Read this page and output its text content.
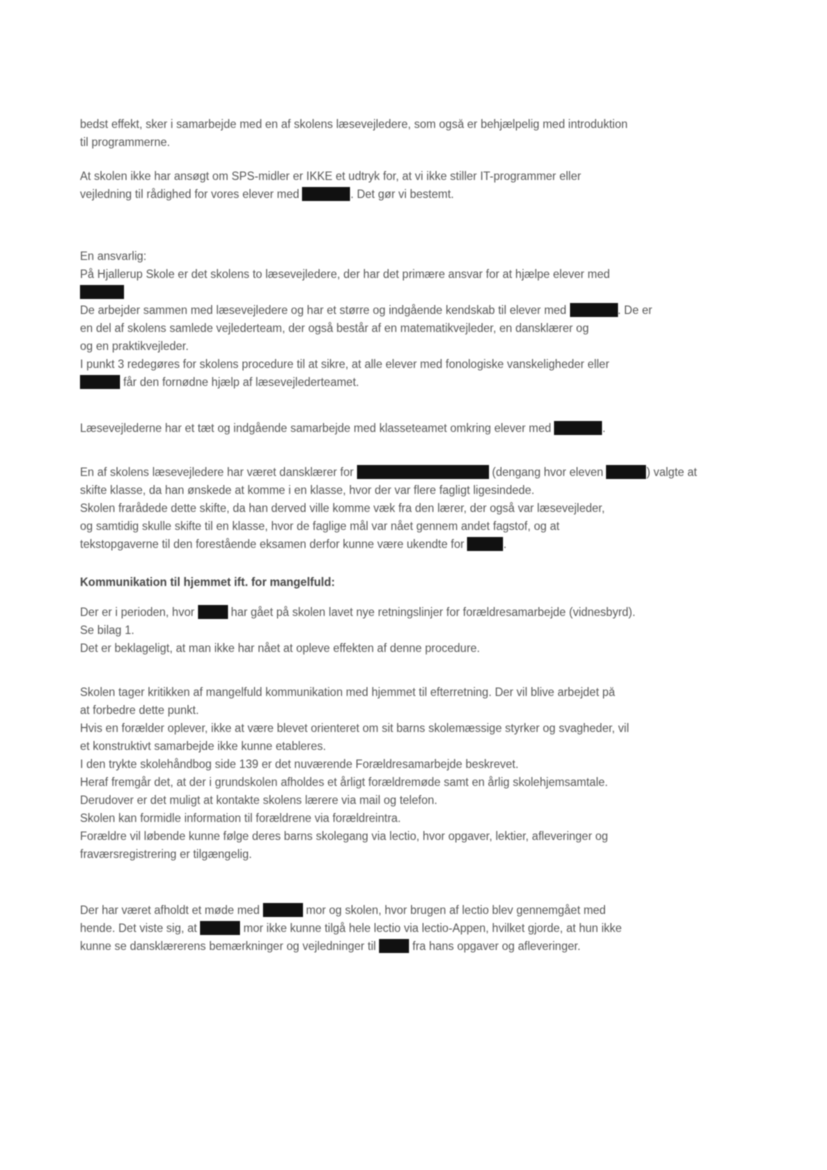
bedst effekt, sker i samarbejde med en af skolens læsevejledere, som også er behjælpelig med introduktion
til programmerne.

At skolen ikke har ansøgt om SPS-midler er IKKE et udtryk for, at vi ikke stiller IT-programmer eller
vejledning til rådighed for vores elever med	. Det gør vi bestemt.

En ansvarlig:
På Hjallerup Skole er det skolens to læsevejledere, der har det primære ansvar for at hjælpe elever med
De arbejder sammen med læsevejledere og har et større og indgående kendskab til elever med	. De er
en del af skolens samlede vejlederteam, der også består af en matematikvejleder, en dansklærer og
og en praktikvejleder.
I punkt 3 redegøres for skolens procedure til at sikre, at alle elever med fonologiske vanskeligheder eller
får den fornødne hjælp af læsevejlederteamet.

Læsevejlederne har et tæt og indgående samarbejde med klasseteamet omkring elever med	.

En af skolens læsevejledere har været dansklærer for	(dengang hvor eleven	) valgte at
skifte klasse, da han ønskede at komme i en klasse, hvor der var flere fagligt ligesindede.
Skolen frarådede dette skifte, da han derved ville komme væk fra den lærer, der også var læsevejleder,
og samtidig skulle skifte til en klasse, hvor de faglige mål var nået gennem andet fagstof, og at
tekstopgaverne til den forestående eksamen derfor kunne være ukendte for	.

Kommunikation til hjemmet ift. for mangelfuld:
Der er i perioden, hvor	har gået på skolen lavet nye retningslinjer for forældresamarbejde (vidnesbyrd).
Se bilag 1.
Det er beklageligt, at man ikke har nået at opleve effekten af denne procedure.
Skolen tager kritikken af mangelfuld kommunikation med hjemmet til efterretning. Der vil blive arbejdet på
at forbedre dette punkt.
Hvis en forælder oplever, ikke at være blevet orienteret om sit barns skolemæssige styrker og svagheder, vil
et konstruktivt samarbejde ikke kunne etableres.
I den trykte skolehåndbog side 139 er det nuværende Forældresamarbejde beskrevet.
Heraf fremgår det, at der i grundskolen afholdes et årligt forældremøde samt en årlig skolehjemsamtale.
Derudover er det muligt at kontakte skolens lærere via mail og telefon.
Skolen kan formidle information til forældrene via forældreintra.
Forældre vil løbende kunne følge deres barns skolegang via lectio, hvor opgaver, lektier, afleveringer og
fraværsregistrering er tilgængelig.
Der har været afholdt et møde med	mor og skolen, hvor brugen af lectio blev gennemgået med
hende. Det viste sig, at	mor ikke kunne tilgå hele lectio via lectio-Appen, hvilket gjorde, at hun ikke
kunne se dansklærerens bemærkninger og vejledninger til	fra hans opgaver og afleveringer.
